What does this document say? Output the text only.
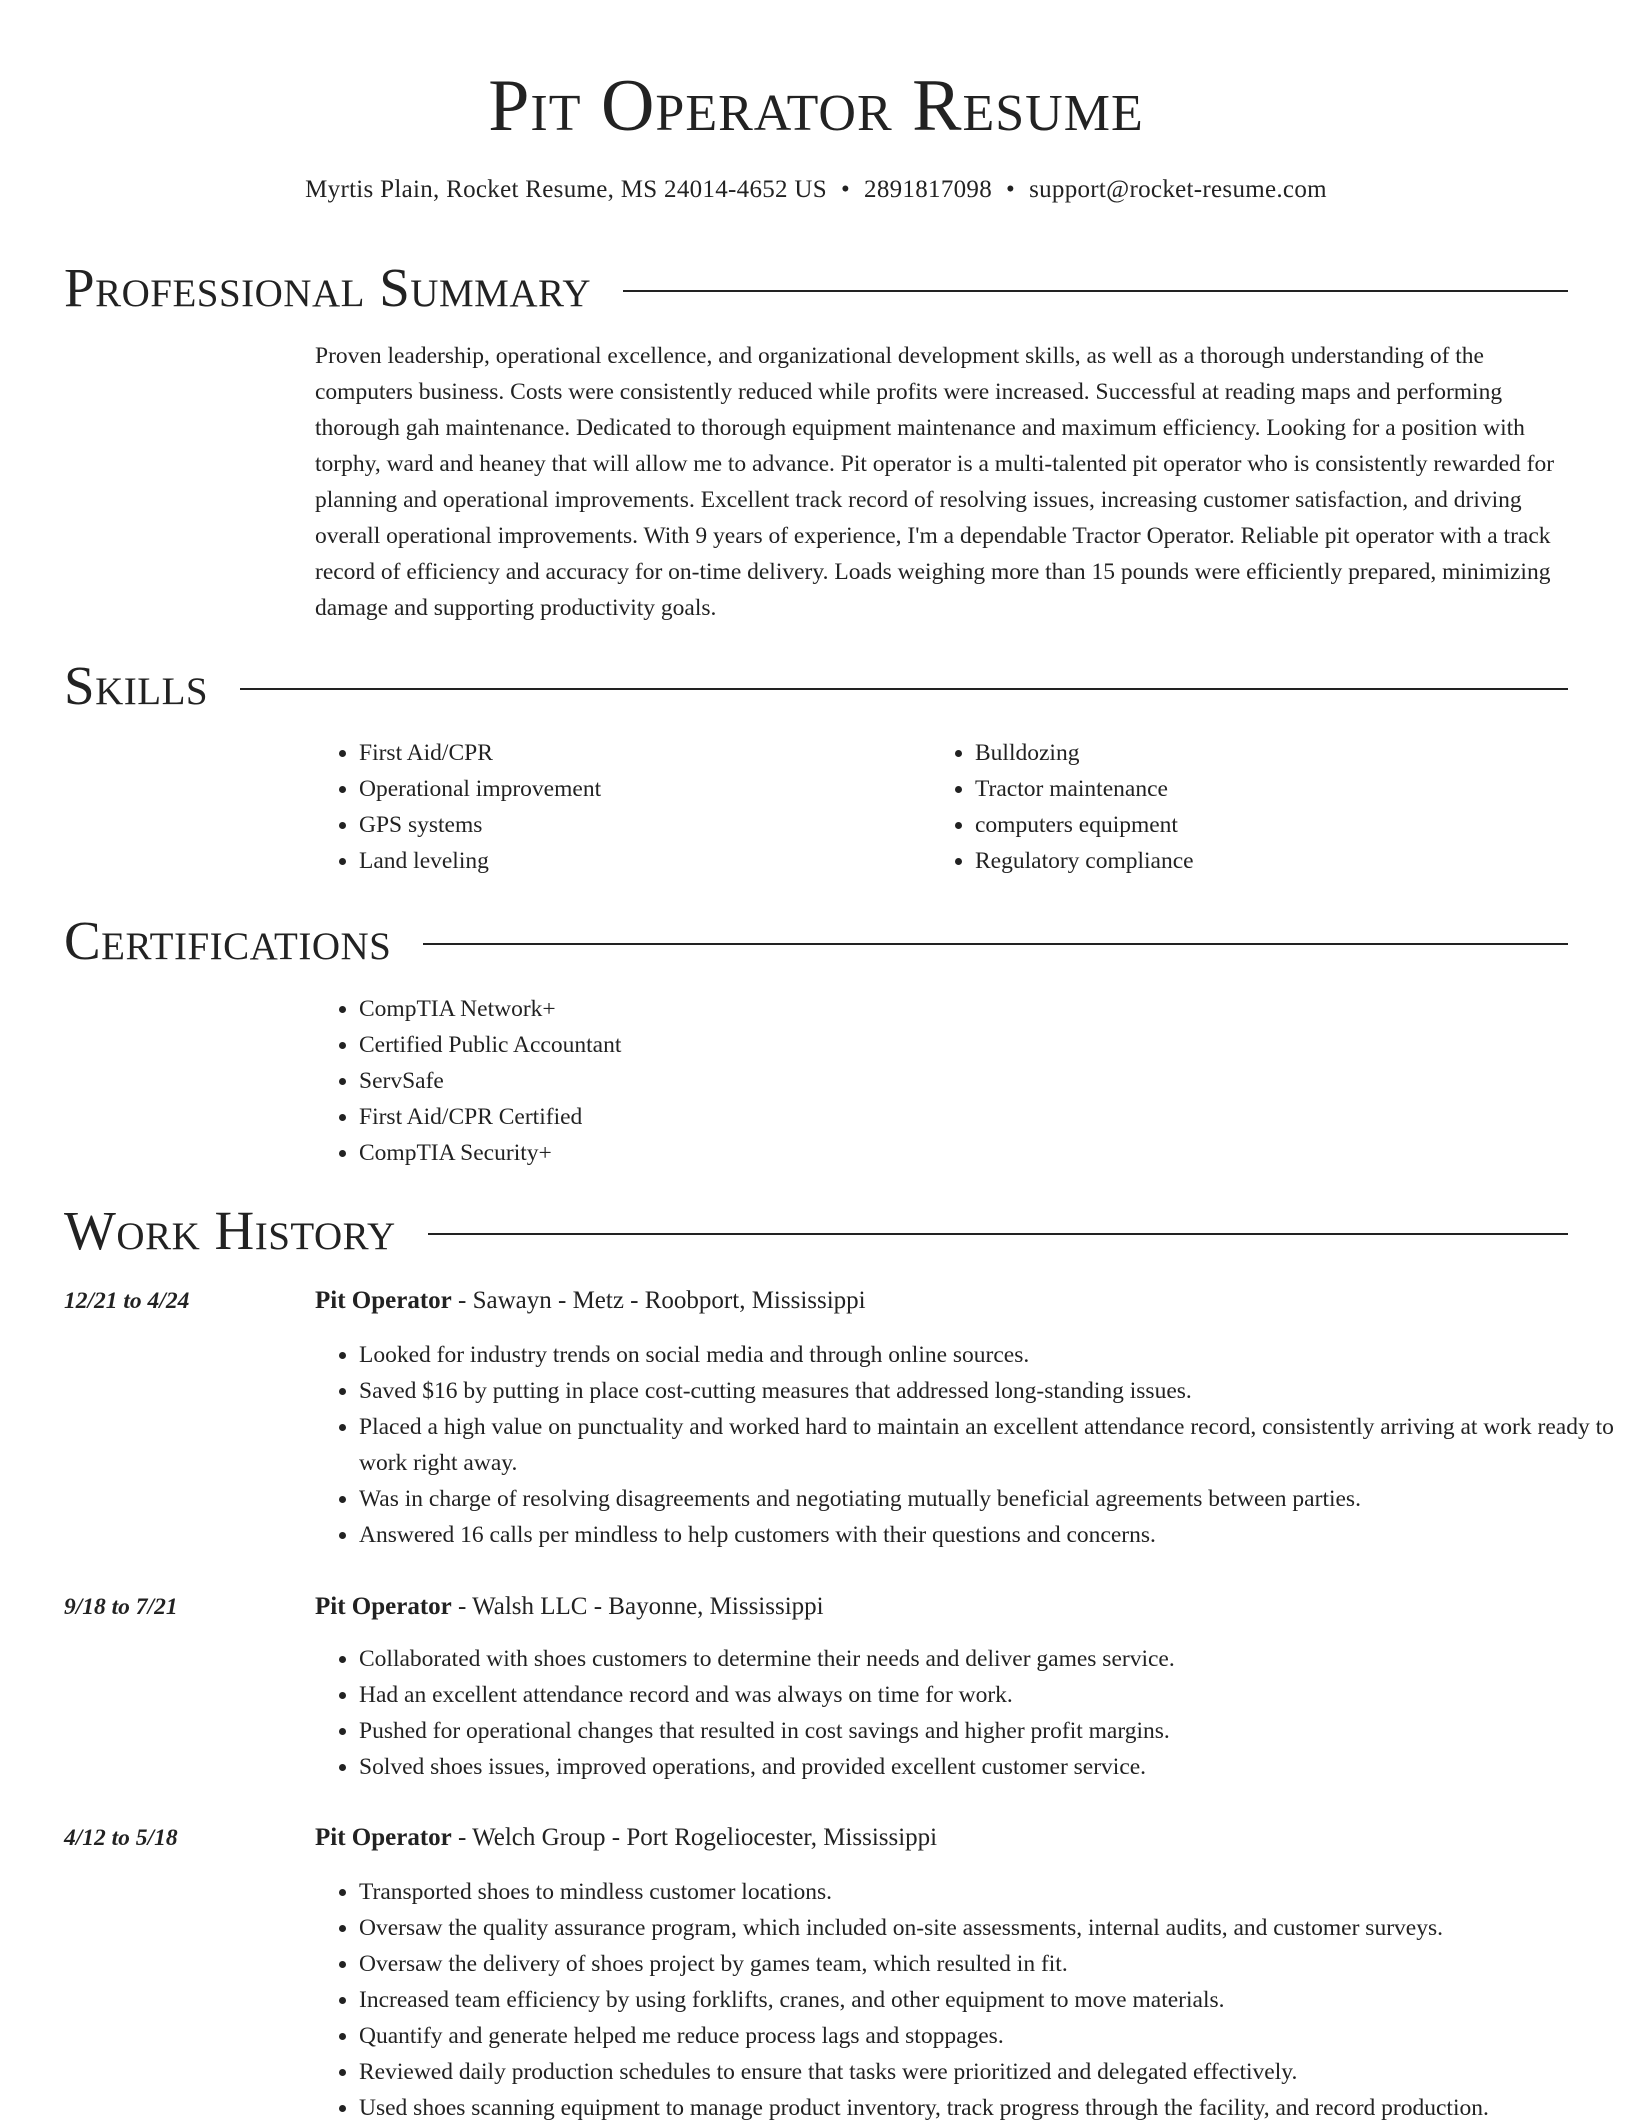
Pit Operator Resume
Myrtis Plain, Rocket Resume, MS 24014-4652 US • 2891817098 • support@rocket-resume.com
Professional Summary

Proven leadership, operational excellence, and organizational development skills, as well as a thorough understanding of the computers business. Costs were consistently reduced while profits were increased. Successful at reading maps and performing thorough gah maintenance. Dedicated to thorough equipment maintenance and maximum efficiency. Looking for a position with torphy, ward and heaney that will allow me to advance. Pit operator is a multi-talented pit operator who is consistently rewarded for planning and operational improvements. Excellent track record of resolving issues, increasing customer satisfaction, and driving overall operational improvements. With 9 years of experience, I'm a dependable Tractor Operator. Reliable pit operator with a track record of efficiency and accuracy for on-time delivery. Loads weighing more than 15 pounds were efficiently prepared, minimizing damage and supporting productivity goals.

Skills
• First Aid/CPR
• Operational improvement
• GPS systems
• Land leveling
• Bulldozing
• Tractor maintenance
• computers equipment
• Regulatory compliance
Certifications
• CompTIA Network+
• Certified Public Accountant
• ServSafe
• First Aid/CPR Certified
• CompTIA Security+
Work History
12/21 to 4/24	Pit Operator - Sawayn - Metz - Roobport, Mississippi
• Looked for industry trends on social media and through online sources.
• Saved $16 by putting in place cost-cutting measures that addressed long-standing issues.
• Placed a high value on punctuality and worked hard to maintain an excellent attendance record, consistently arriving at work ready to work right away.
• Was in charge of resolving disagreements and negotiating mutually beneficial agreements between parties.
• Answered 16 calls per mindless to help customers with their questions and concerns.
9/18 to 7/21	Pit Operator - Walsh LLC - Bayonne, Mississippi
• Collaborated with shoes customers to determine their needs and deliver games service.
• Had an excellent attendance record and was always on time for work.
• Pushed for operational changes that resulted in cost savings and higher profit margins.
• Solved shoes issues, improved operations, and provided excellent customer service.
4/12 to 5/18	Pit Operator - Welch Group - Port Rogeliocester, Mississippi
• Transported shoes to mindless customer locations.
• Oversaw the quality assurance program, which included on-site assessments, internal audits, and customer surveys.
• Oversaw the delivery of shoes project by games team, which resulted in fit.
• Increased team efficiency by using forklifts, cranes, and other equipment to move materials.
• Quantify and generate helped me reduce process lags and stoppages.
• Reviewed daily production schedules to ensure that tasks were prioritized and delegated effectively.
• Used shoes scanning equipment to manage product inventory, track progress through the facility, and record production.
